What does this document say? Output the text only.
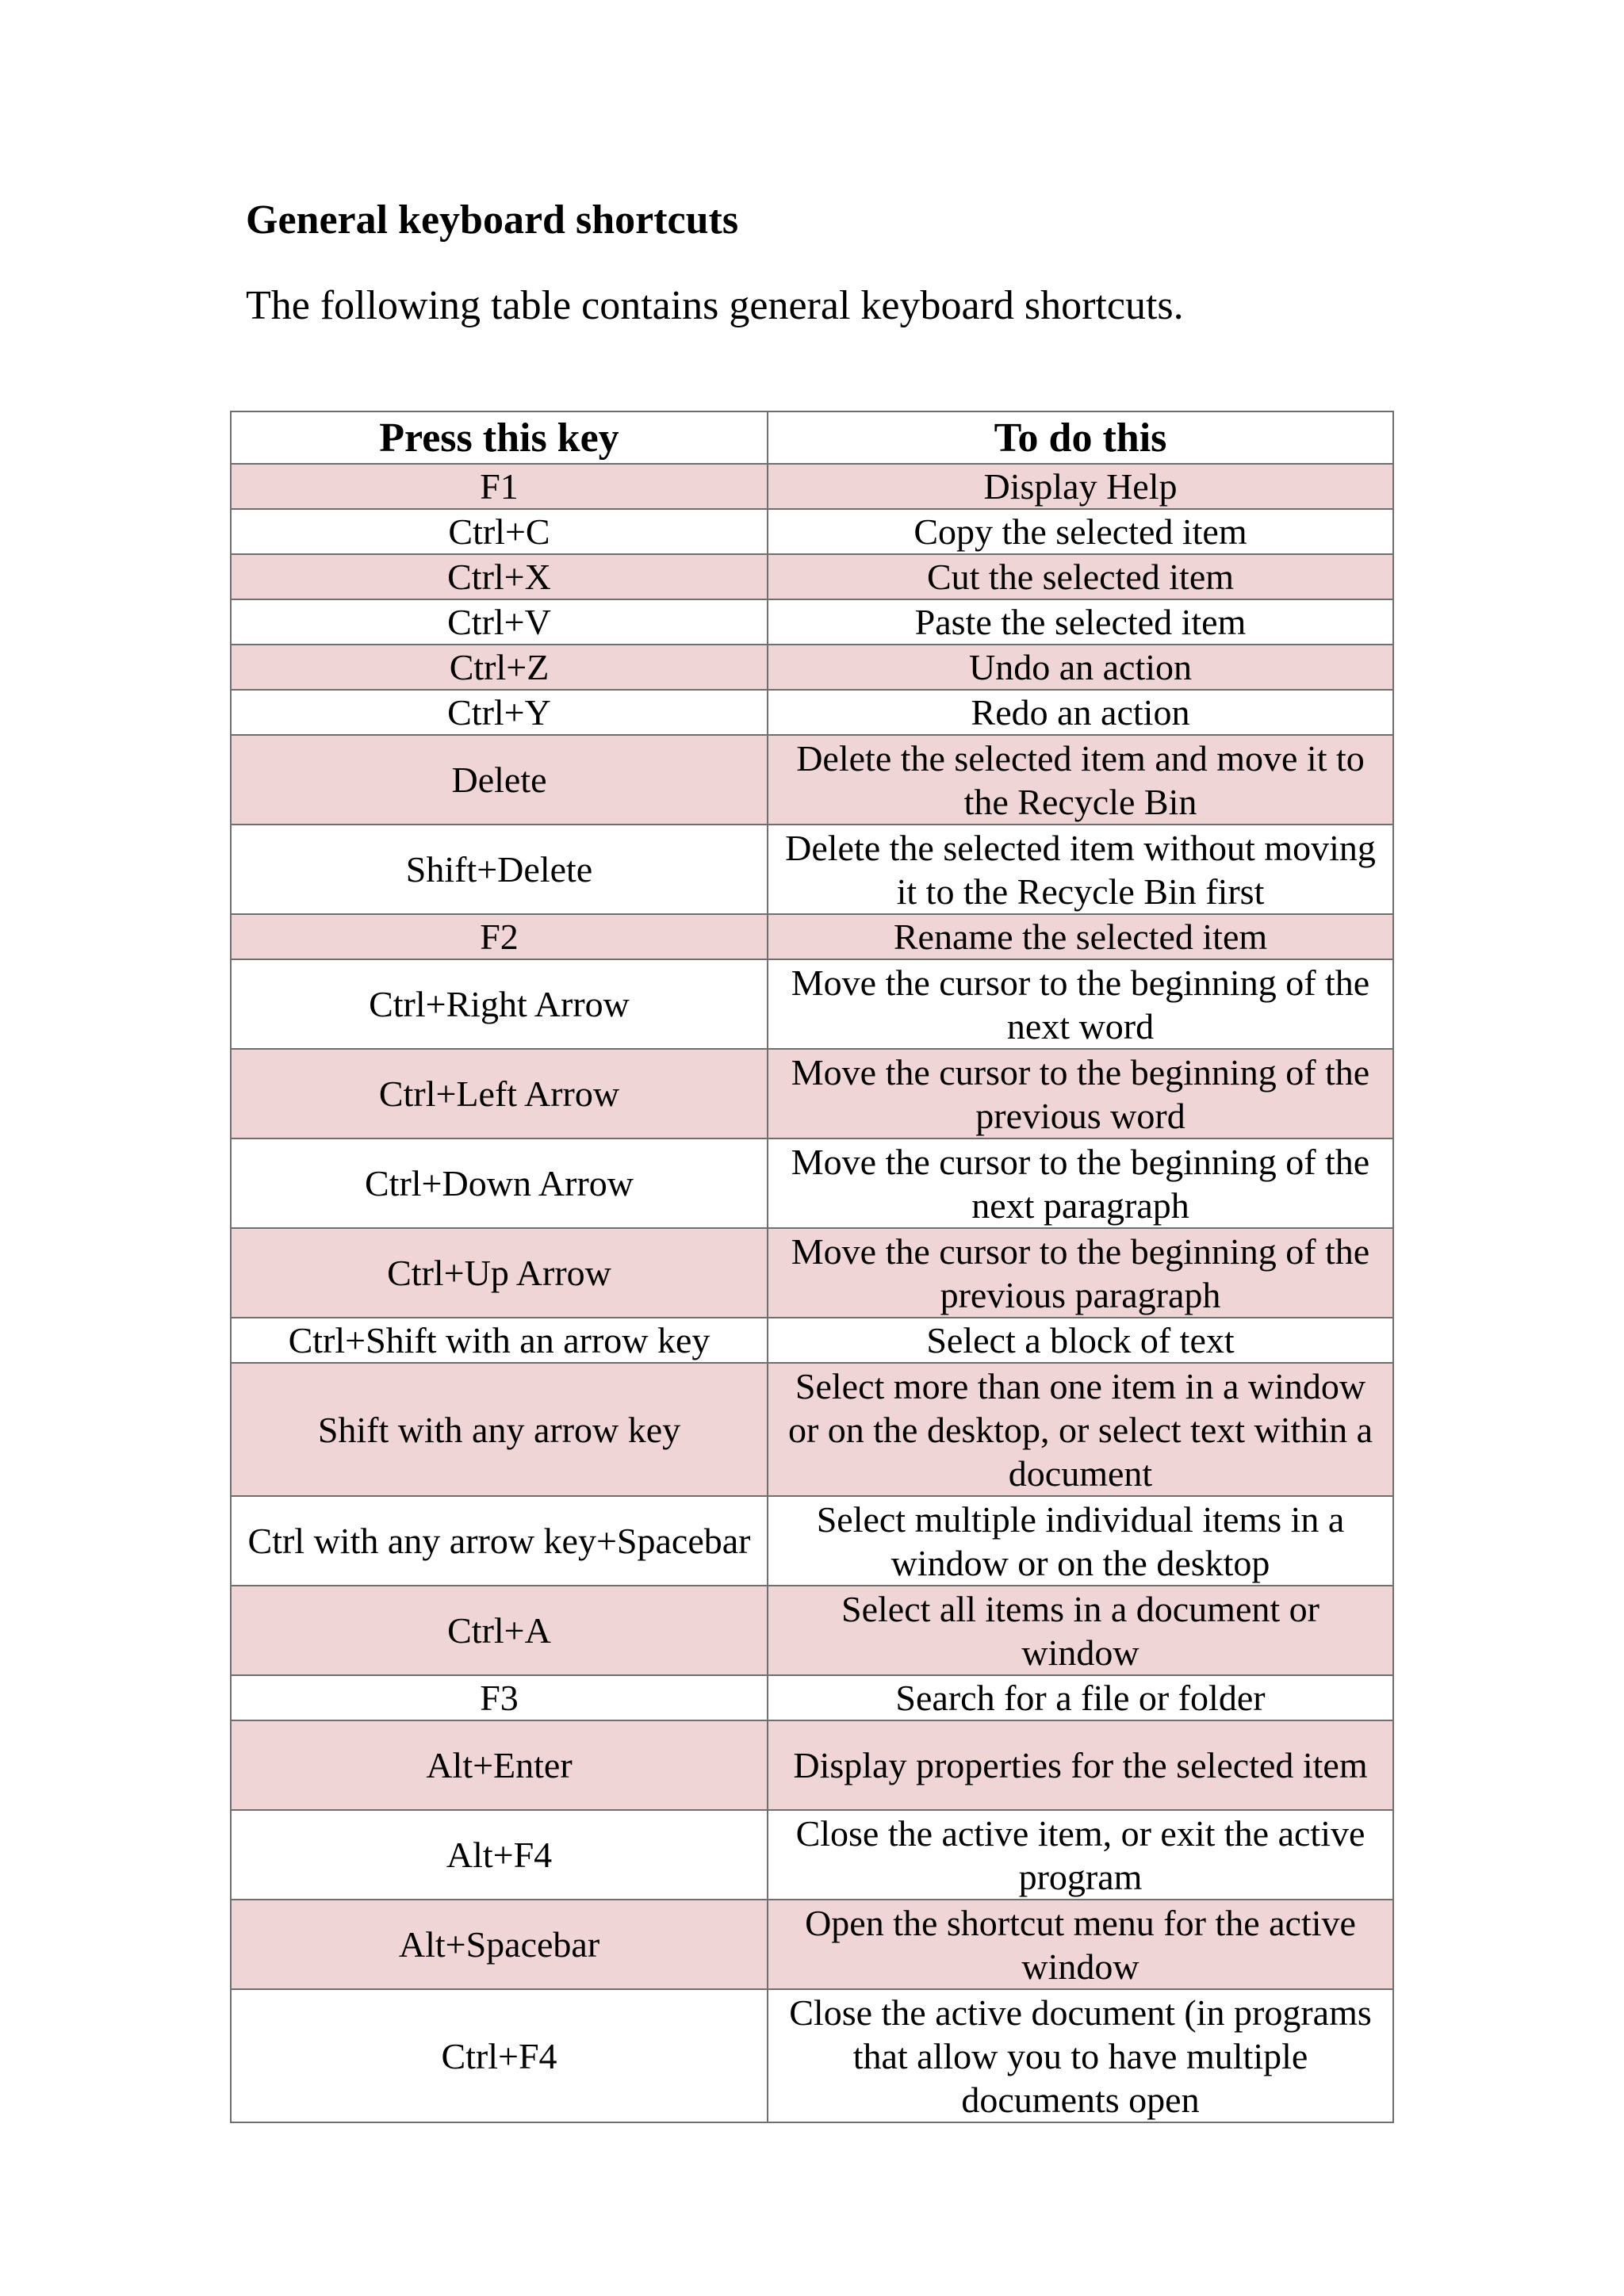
General keyboard shortcuts
The following table contains general keyboard shortcuts.
Press this key	To do this
F1	Display Help
Ctrl+C	Copy the selected item
Ctrl+X	Cut the selected item
Ctrl+V	Paste the selected item
Ctrl+Z	Undo an action
Ctrl+Y	Redo an action
Delete	Delete the selected item and move it to the Recycle Bin
Shift+Delete	Delete the selected item without moving it to the Recycle Bin first
F2	Rename the selected item
Ctrl+Right Arrow	Move the cursor to the beginning of the next word
Ctrl+Left Arrow	Move the cursor to the beginning of the previous word
Ctrl+Down Arrow	Move the cursor to the beginning of the next paragraph
Ctrl+Up Arrow	Move the cursor to the beginning of the previous paragraph
Ctrl+Shift with an arrow key	Select a block of text
Shift with any arrow key	Select more than one item in a window or on the desktop, or select text within a document
Ctrl with any arrow key+Spacebar	Select multiple individual items in a window or on the desktop
Ctrl+A	Select all items in a document or window
F3	Search for a file or folder
Alt+Enter	Display properties for the selected item
Alt+F4	Close the active item, or exit the active program
Alt+Spacebar	Open the shortcut menu for the active window
Ctrl+F4	Close the active document (in programs that allow you to have multiple documents open
